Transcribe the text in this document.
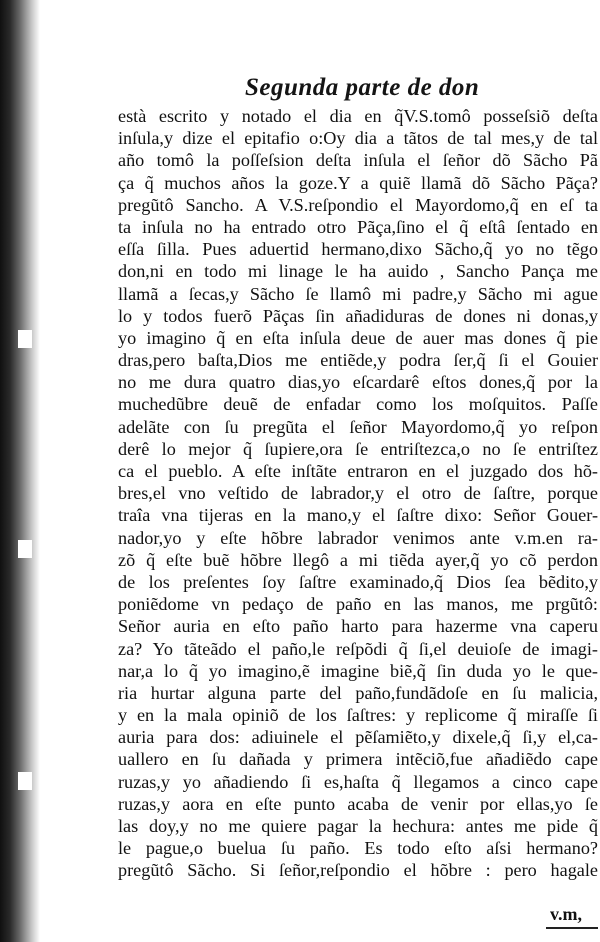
Segunda parte de don
està escrito y notado el dia en q̃V.S.tomô posseſsiõ deſta
inſula,y dize el epitafio o:Oy dia a tãtos de tal mes,y de tal
año tomô la poſſeſsion deſta inſula el ſeñor dõ Sãcho Pã
ça q̃ muchos años la goze.Y a quiẽ llamã dõ Sãcho Pãça?
pregũtô Sancho. A V.S.reſpondio el Mayordomo,q̃ en eſ ta
ta inſula no ha entrado otro Pãça,ſino el q̃ eſtâ ſentado en
eſſa ſilla. Pues aduertid hermano,dixo Sãcho,q̃ yo no tẽgo
don,ni en todo mi linage le ha auido , Sancho Pança me
llamã a ſecas,y Sãcho ſe llamô mi padre,y Sãcho mi ague
lo y todos fuerõ Pãças ſin añadiduras de dones ni donas,y
yo imagino q̃ en eſta inſula deue de auer mas dones q̃ pie
dras,pero baſta,Dios me entiẽde,y podra ſer,q̃ ſi el Gouier
no me dura quatro dias,yo eſcardarê eſtos dones,q̃ por la
muchedũbre deuẽ de enfadar como los moſquitos. Paſſe
adelãte con ſu pregũta el ſeñor Mayordomo,q̃ yo reſpon
derê lo mejor q̃ ſupiere,ora ſe entriſtezca,o no ſe entriſtez
ca el pueblo. A eſte inſtãte entraron en el juzgado dos hõ-
bres,el vno veſtido de labrador,y el otro de ſaſtre, porque
traîa vna tijeras en la mano,y el ſaſtre dixo: Señor Gouer-
nador,yo y eſte hõbre labrador venimos ante v.m.en ra-
zõ q̃ eſte buẽ hõbre llegô a mi tiẽda ayer,q̃ yo cõ perdon
de los preſentes ſoy ſaſtre examinado,q̃ Dios ſea bẽdito,y
poniẽdome vn pedaço de paño en las manos, me prgũtô:
Señor auria en eſto paño harto para hazerme vna caperu
za? Yo tãteãdo el paño,le reſpõdi q̃ ſi,el deuioſe de imagi-
nar,a lo q̃ yo imagino,ẽ imagine biẽ,q̃ ſin duda yo le que-
ria hurtar alguna parte del paño,fundãdoſe en ſu malicia,
y en la mala opiniõ de los ſaſtres: y replicome q̃ miraſſe ſi
auria para dos: adiuinele el pẽſamiẽto,y dixele,q̃ ſi,y el,ca-
uallero en ſu dañada y primera intẽciõ,fue añadiẽdo cape
ruzas,y yo añadiendo ſi es,haſta q̃ llegamos a cinco cape
ruzas,y aora en eſte punto acaba de venir por ellas,yo ſe
las doy,y no me quiere pagar la hechura: antes me pide q̃
le pague,o buelua ſu paño. Es todo eſto aſsi hermano?
pregũtô Sãcho. Si ſeñor,reſpondio el hõbre : pero hagale
v.m,
